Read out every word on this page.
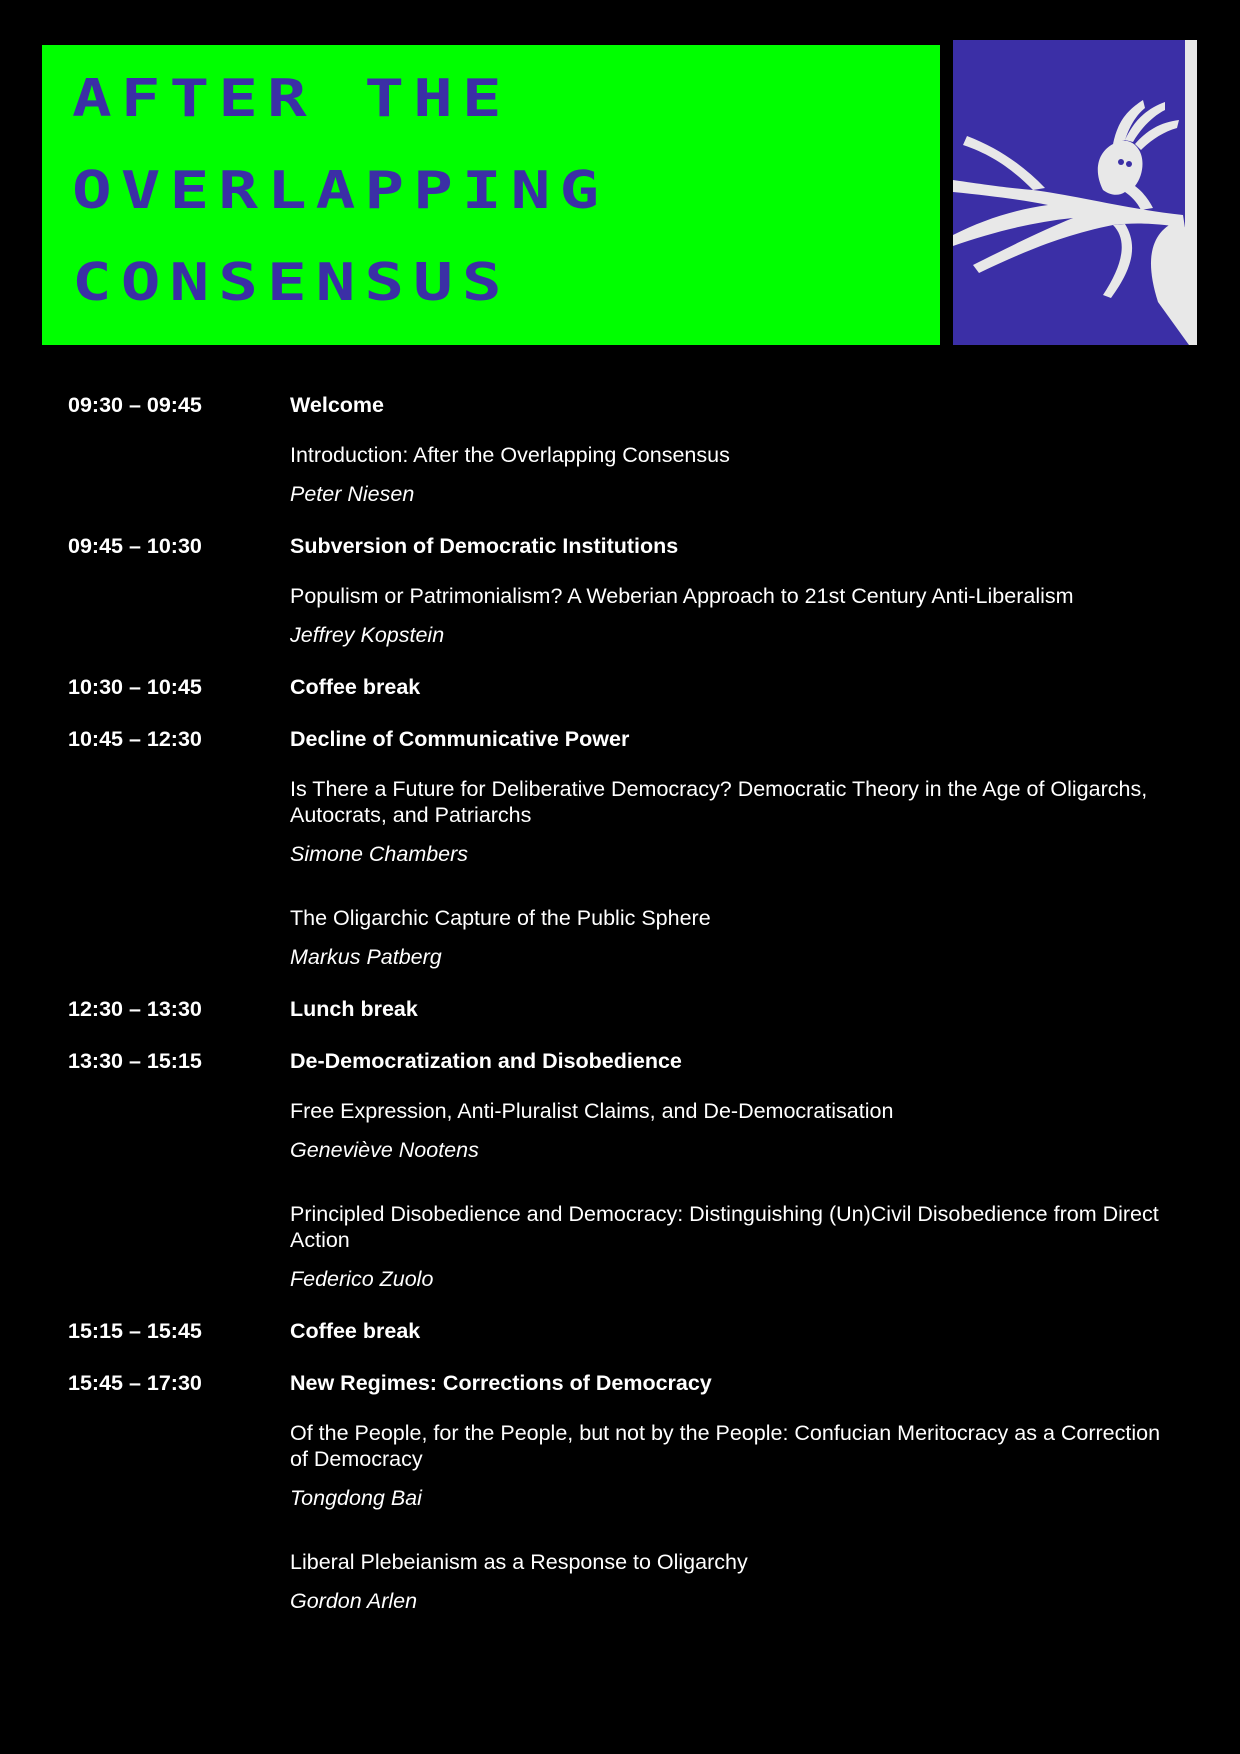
AFTER THE
OVERLAPPING
CONSENSUS
09:30 – 09:45	Welcome
Introduction: After the Overlapping Consensus
Peter Niesen
09:45 – 10:30	Subversion of Democratic Institutions
Populism or Patrimonialism? A Weberian Approach to 21st Century Anti-Liberalism
Jeffrey Kopstein
10:30 – 10:45	Coffee break
10:45 – 12:30	Decline of Communicative Power
Is There a Future for Deliberative Democracy? Democratic Theory in the Age of Oligarchs, Autocrats, and Patriarchs
Simone Chambers
The Oligarchic Capture of the Public Sphere
Markus Patberg
12:30 – 13:30	Lunch break
13:30 – 15:15	De-Democratization and Disobedience
Free Expression, Anti-Pluralist Claims, and De-Democratisation
Geneviève Nootens
Principled Disobedience and Democracy: Distinguishing (Un)Civil Disobedience from Direct Action
Federico Zuolo
15:15 – 15:45	Coffee break
15:45 – 17:30	New Regimes: Corrections of Democracy
Of the People, for the People, but not by the People: Confucian Meritocracy as a Correction of Democracy
Tongdong Bai
Liberal Plebeianism as a Response to Oligarchy
Gordon Arlen
